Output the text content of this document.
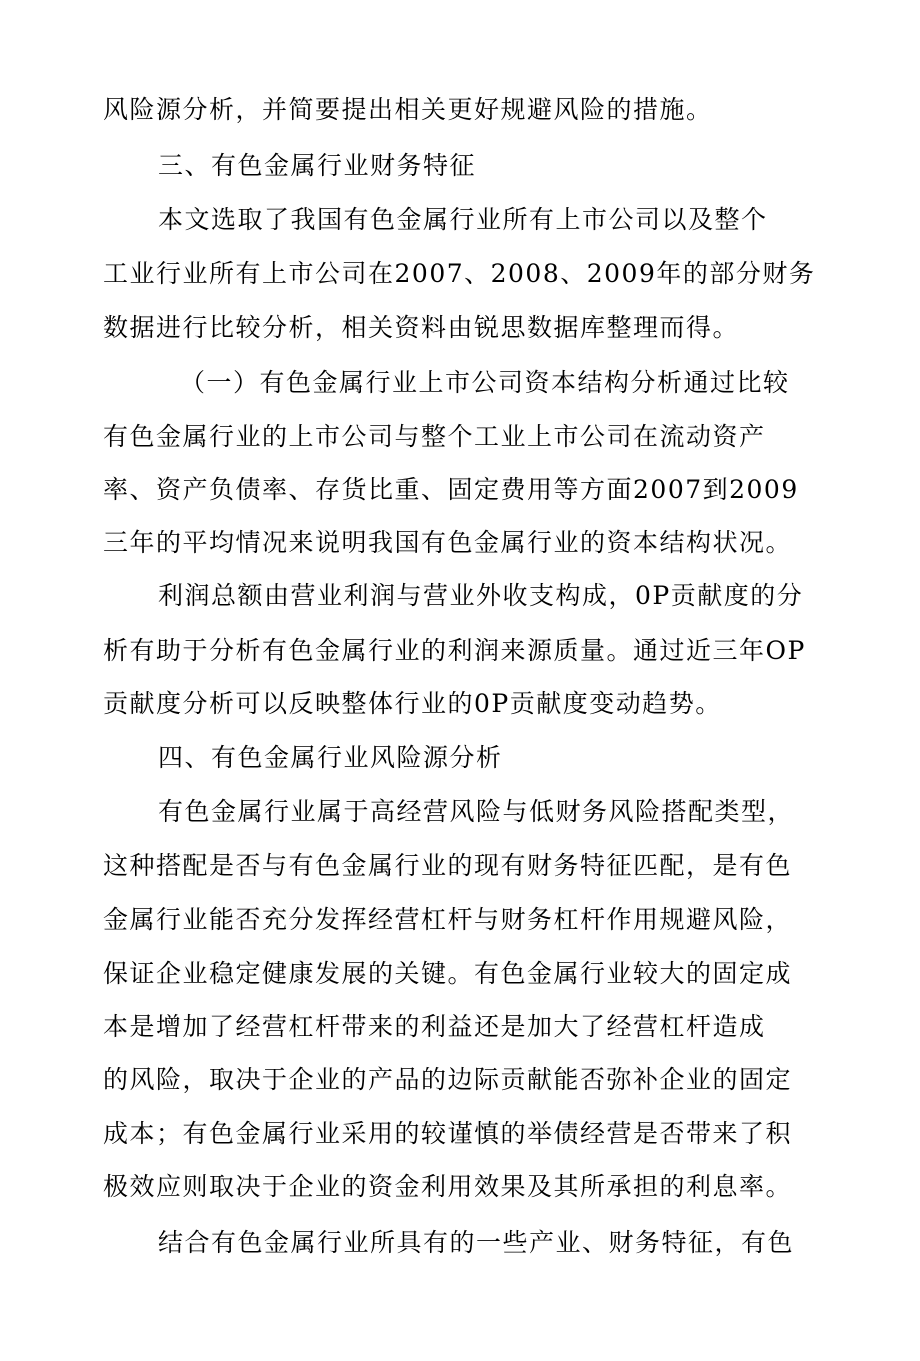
风险源分析，并简要提出相关更好规避风险的措施。
三、有色金属行业财务特征
本文选取了我国有色金属行业所有上市公司以及整个
工业行业所有上市公司在2007、2008、2009年的部分财务
数据进行比较分析，相关资料由锐思数据库整理而得。
（一）有色金属行业上市公司资本结构分析通过比较
有色金属行业的上市公司与整个工业上市公司在流动资产
率、资产负债率、存货比重、固定费用等方面2007到2009
三年的平均情况来说明我国有色金属行业的资本结构状况。
利润总额由营业利润与营业外收支构成，0P贡献度的分
析有助于分析有色金属行业的利润来源质量。通过近三年OP
贡献度分析可以反映整体行业的0P贡献度变动趋势。
四、有色金属行业风险源分析
有色金属行业属于高经营风险与低财务风险搭配类型，
这种搭配是否与有色金属行业的现有财务特征匹配，是有色
金属行业能否充分发挥经营杠杆与财务杠杆作用规避风险，
保证企业稳定健康发展的关键。有色金属行业较大的固定成
本是增加了经营杠杆带来的利益还是加大了经营杠杆造成
的风险，取决于企业的产品的边际贡献能否弥补企业的固定
成本；有色金属行业采用的较谨慎的举债经营是否带来了积
极效应则取决于企业的资金利用效果及其所承担的利息率。
结合有色金属行业所具有的一些产业、财务特征，有色
